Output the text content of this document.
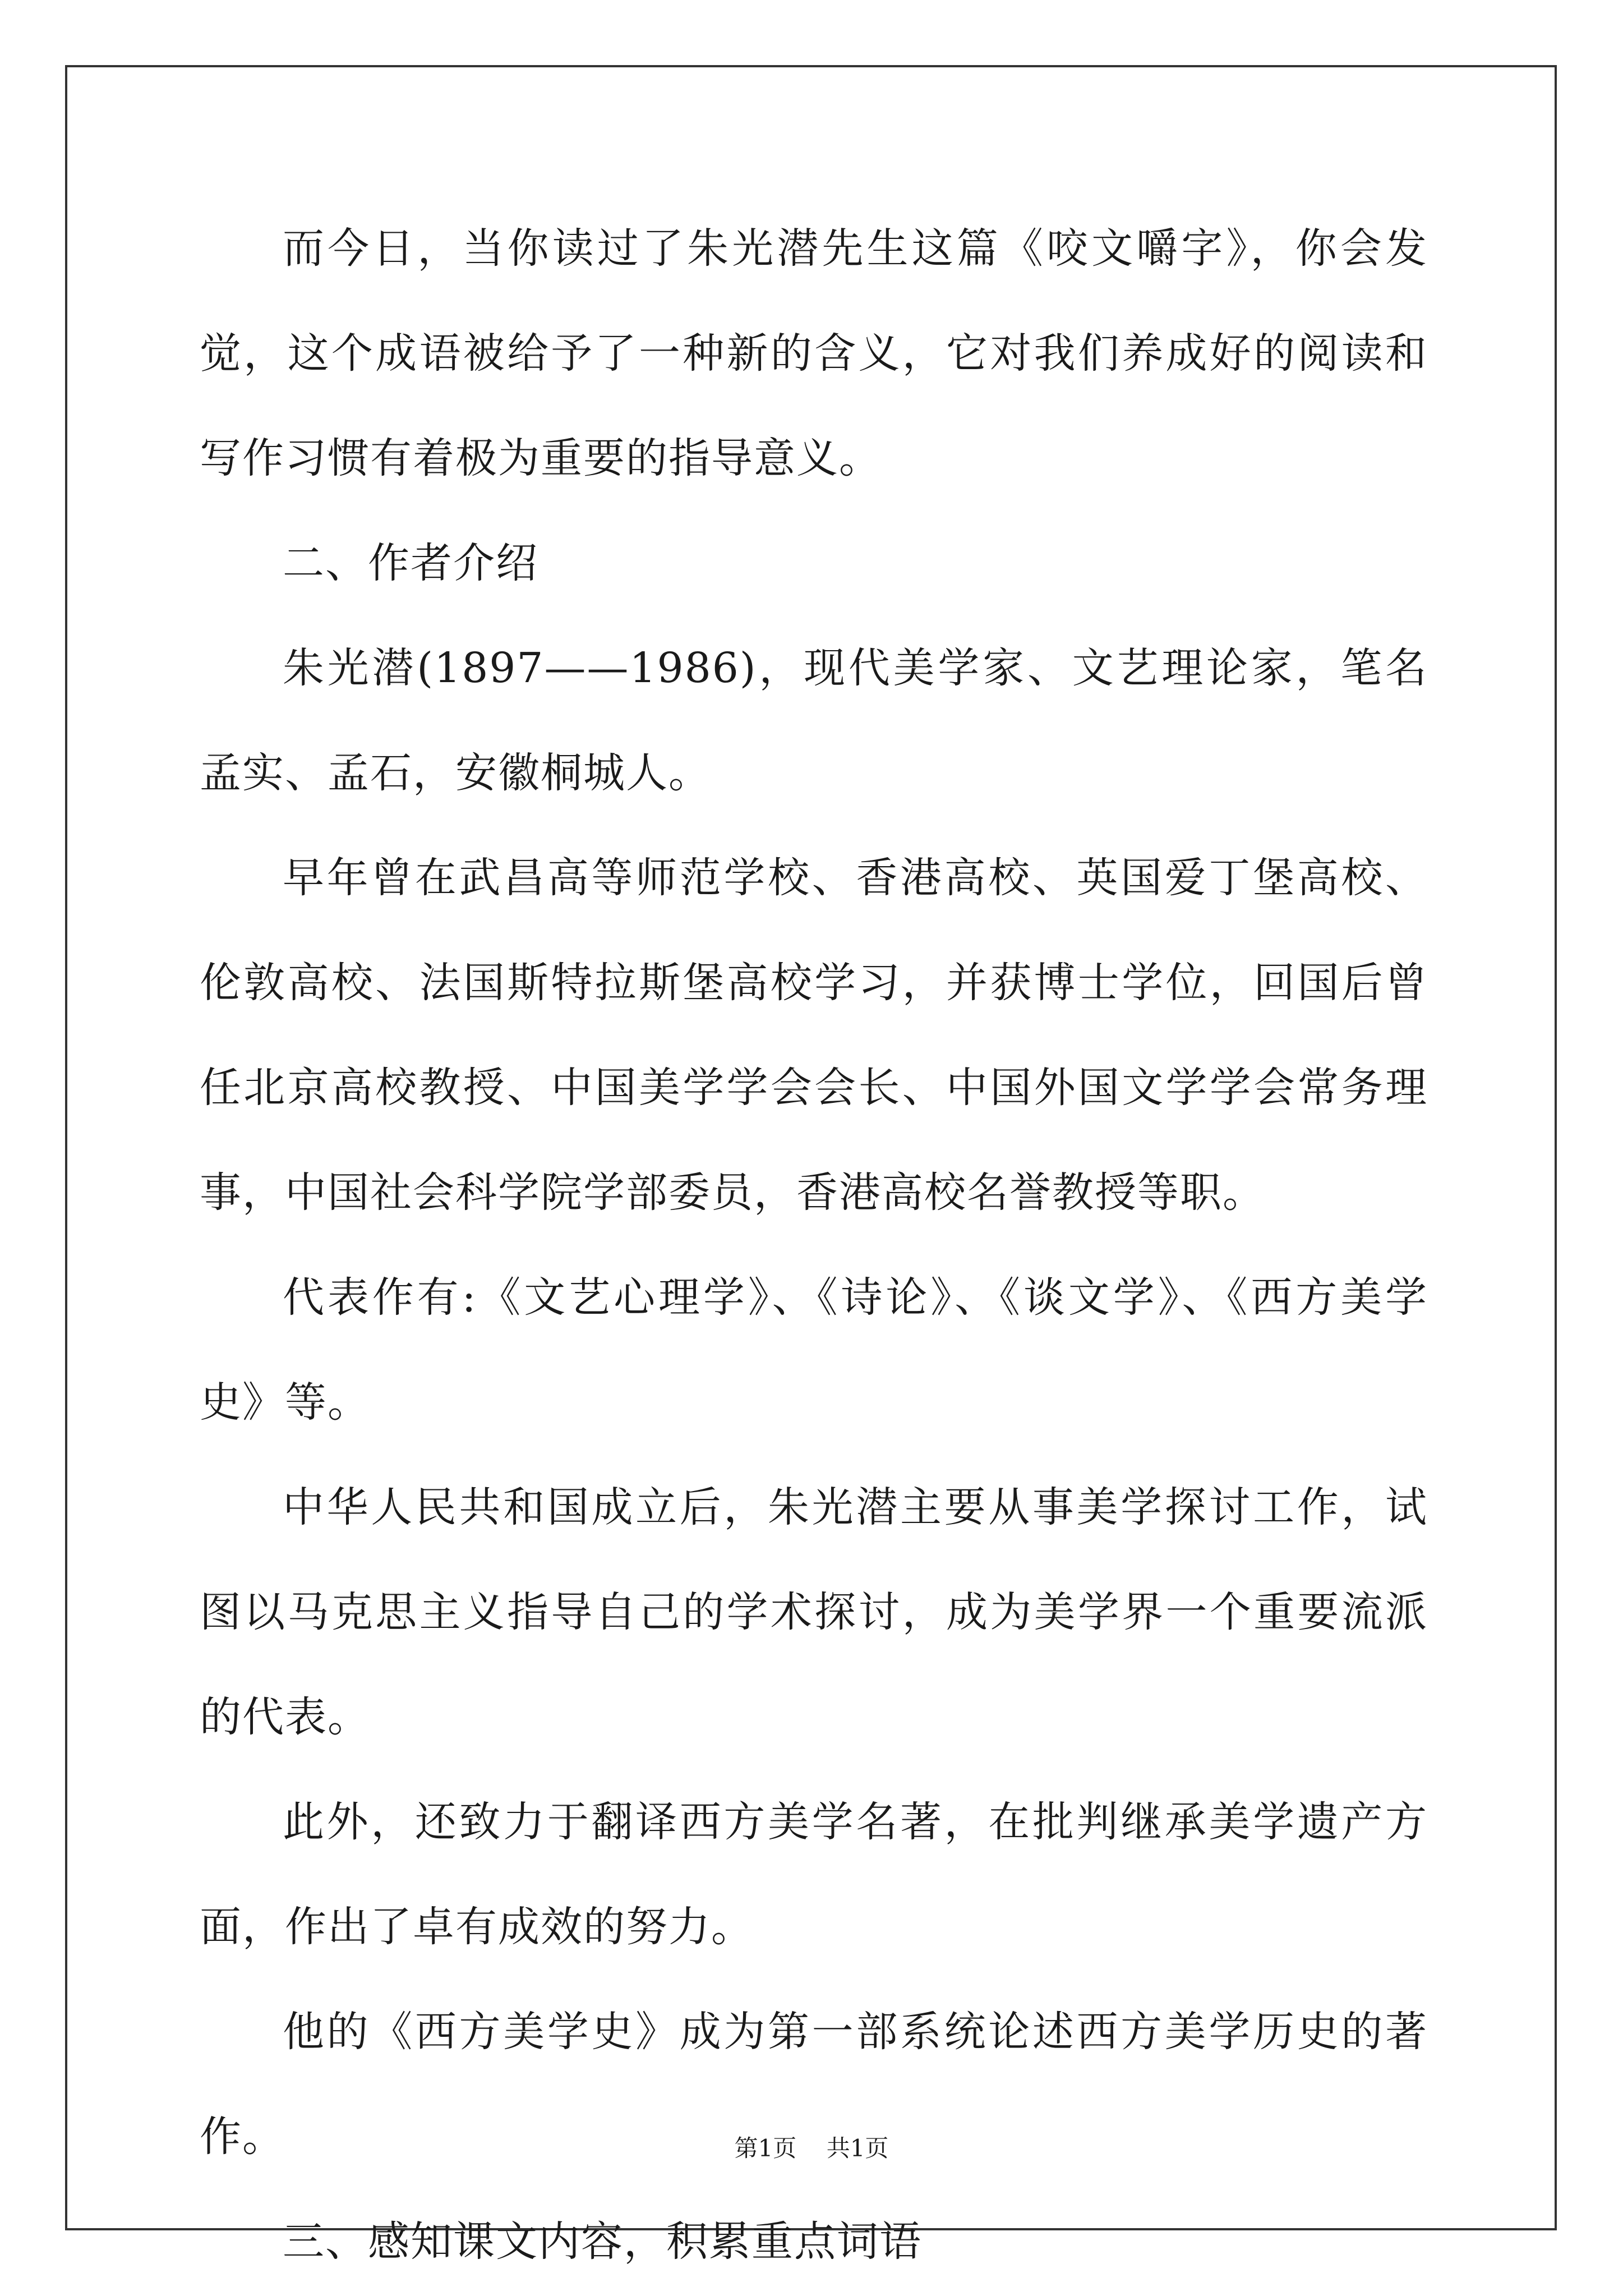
而今日，当你读过了朱光潜先生这篇《咬文嚼字》，你会发觉，这个成语被给予了一种新的含义，它对我们养成好的阅读和写作习惯有着极为重要的指导意义。

二、作者介绍

朱光潜(1897——1986)，现代美学家、文艺理论家，笔名孟实、孟石，安徽桐城人。

早年曾在武昌高等师范学校、香港高校、英国爱丁堡高校、伦敦高校、法国斯特拉斯堡高校学习，并获博士学位，回国后曾任北京高校教授、中国美学学会会长、中国外国文学学会常务理事，中国社会科学院学部委员，香港高校名誉教授等职。

代表作有:《文艺心理学》、《诗论》、《谈文学》、《西方美学史》等。

中华人民共和国成立后，朱光潜主要从事美学探讨工作，试图以马克思主义指导自己的学术探讨，成为美学界一个重要流派的代表。

此外，还致力于翻译西方美学名著，在批判继承美学遗产方面，作出了卓有成效的努力。

他的《西方美学史》成为第一部系统论述西方美学历史的著作。

三、感知课文内容，积累重点词语

第1页 共1页
